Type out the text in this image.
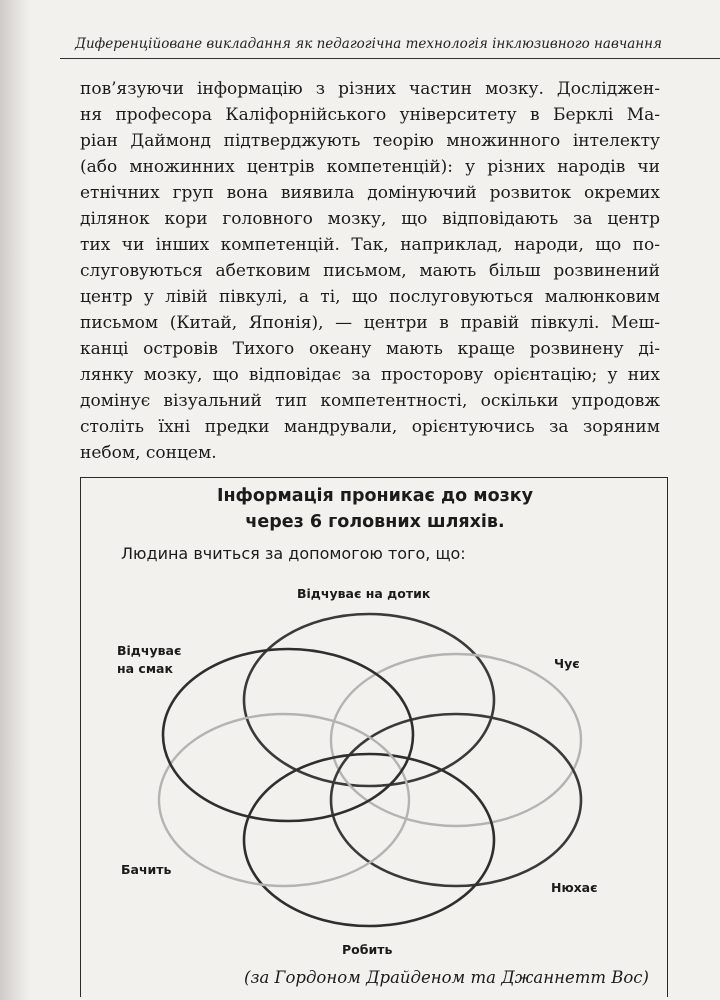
Диференційоване викладання як педагогічна технологія інклюзивного навчання

пов’язуючи інформацію з різних частин мозку. Досліджен-
ня професора Каліфорнійського університету в Берклі Ма-
ріан Даймонд підтверджують теорію множинного інтелекту
(або множинних центрів компетенцій): у різних народів чи
етнічних груп вона виявила домінуючий розвиток окремих
ділянок кори головного мозку, що відповідають за центр
тих чи інших компетенцій. Так, наприклад, народи, що по-
слуговуються абетковим письмом, мають більш розвинений
центр у лівій півкулі, а ті, що послуговуються малюнковим
письмом (Китай, Японія), — центри в правій півкулі. Меш-
канці островів Тихого океану мають краще розвинену ді-
лянку мозку, що відповідає за просторову орієнтацію; у них
домінує візуальний тип компетентності, оскільки упродовж
століть їхні предки мандрували, орієнтуючись за зоряним
небом, сонцем.

Інформація проникає до мозку
через 6 головних шляхів.
Людина вчиться за допомогою того, що:
Відчуває на дотик
Відчуває
на смак	Чує
Бачить
Нюхає
Робить
(за Гордоном Драйденом та Джаннетт Вос)
